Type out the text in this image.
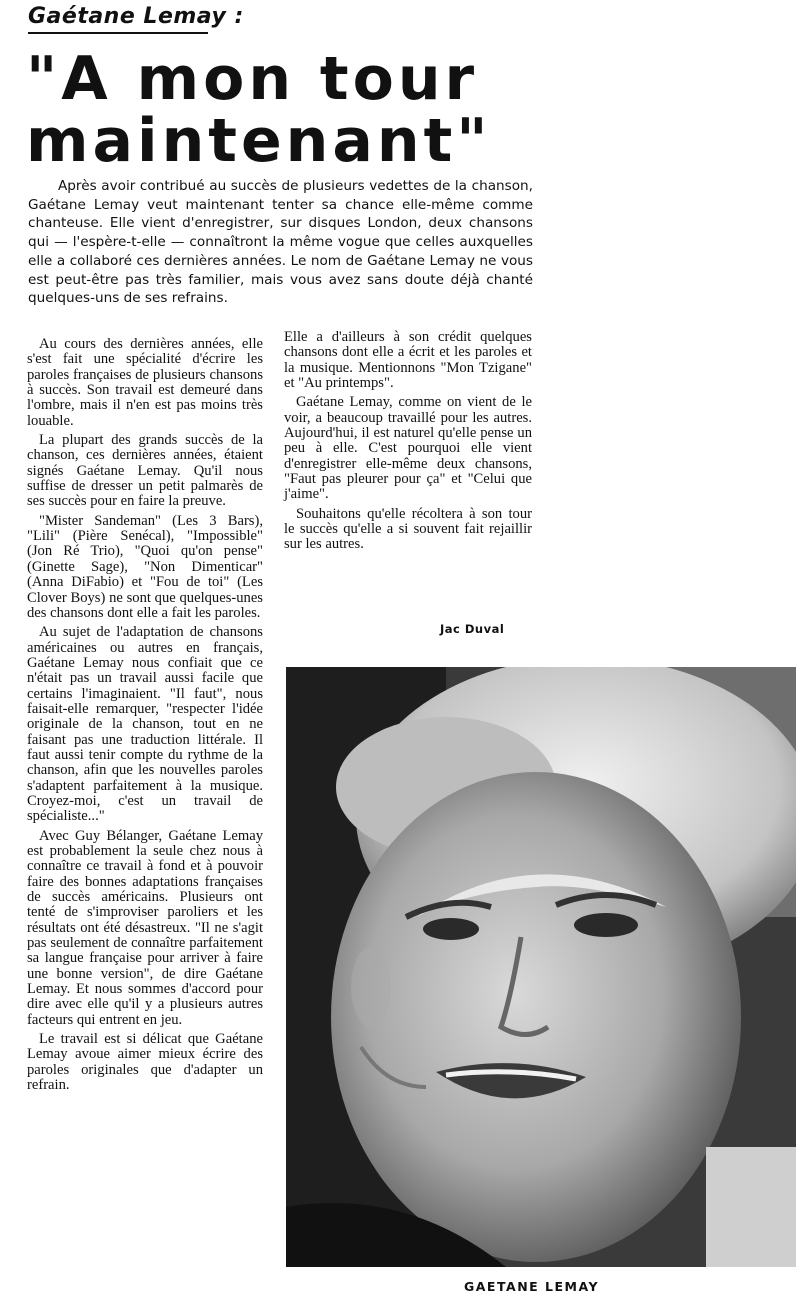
Gaétane Lemay :
"A mon tour
maintenant"
Après avoir contribué au succès de plusieurs vedettes de la chanson, Gaétane Lemay veut maintenant tenter sa chance elle-même comme chanteuse. Elle vient d'enregistrer, sur disques London, deux chansons qui — l'espère-t-elle — connaîtront la même vogue que celles auxquelles elle a collaboré ces dernières années. Le nom de Gaétane Lemay ne vous est peut-être pas très familier, mais vous avez sans doute déjà chanté quelques-uns de ses refrains.

Au cours des dernières années, elle s'est fait une spécialité d'écrire les paroles françaises de plusieurs chansons à succès. Son travail est demeuré dans l'ombre, mais il n'en est pas moins très louable.

La plupart des grands succès de la chanson, ces dernières années, étaient signés Gaétane Lemay. Qu'il nous suffise de dresser un petit palmarès de ses succès pour en faire la preuve.

"Mister Sandeman" (Les 3 Bars), "Lili" (Pière Senécal), "Impossible" (Jon Ré Trio), "Quoi qu'on pense" (Ginette Sage), "Non Dimenticar" (Anna DiFabio) et "Fou de toi" (Les Clover Boys) ne sont que quelques-unes des chansons dont elle a fait les paroles.

Au sujet de l'adaptation de chansons américaines ou autres en français, Gaétane Lemay nous confiait que ce n'était pas un travail aussi facile que certains l'imaginaient. "Il faut", nous faisait-elle remarquer, "respecter l'idée originale de la chanson, tout en ne faisant pas une traduction littérale. Il faut aussi tenir compte du rythme de la chanson, afin que les nouvelles paroles s'adaptent parfaitement à la musique. Croyez-moi, c'est un travail de spécialiste..."

Avec Guy Bélanger, Gaétane Lemay est probablement la seule chez nous à connaître ce travail à fond et à pouvoir faire des bonnes adaptations françaises de succès américains. Plusieurs ont tenté de s'improviser paroliers et les résultats ont été désastreux. "Il ne s'agit pas seulement de connaître parfaitement sa langue française pour arriver à faire une bonne version", de dire Gaétane Lemay. Et nous sommes d'accord pour dire avec elle qu'il y a plusieurs autres facteurs qui entrent en jeu.

Le travail est si délicat que Gaétane Lemay avoue aimer mieux écrire des paroles originales que d'adapter un refrain.

Elle a d'ailleurs à son crédit quelques chansons dont elle a écrit et les paroles et la musique. Mentionnons "Mon Tzigane" et "Au printemps".

Gaétane Lemay, comme on vient de le voir, a beaucoup travaillé pour les autres. Aujourd'hui, il est naturel qu'elle pense un peu à elle. C'est pourquoi elle vient d'enregistrer elle-même deux chansons, "Faut pas pleurer pour ça" et "Celui que j'aime".

Souhaitons qu'elle récoltera à son tour le succès qu'elle a si souvent fait rejaillir sur les autres.

Jac Duval
GAETANE LEMAY
